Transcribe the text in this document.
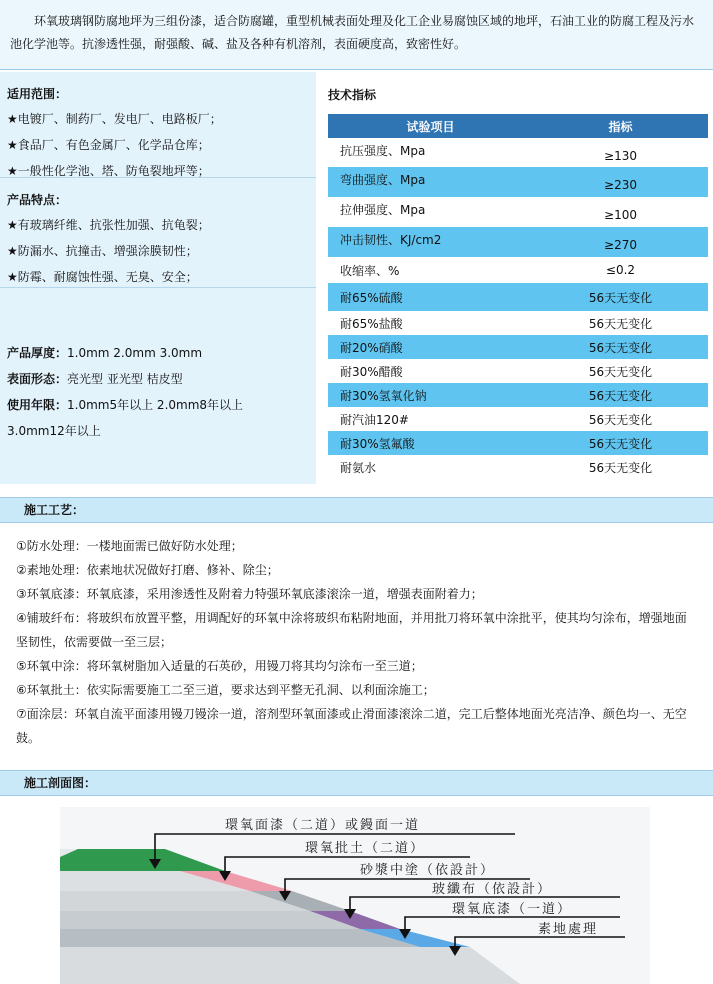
环氧玻璃钢防腐地坪为三组份漆，适合防腐罐，重型机械表面处理及化工企业易腐蚀区域的地坪，石油工业的防腐工程及污水池化学池等。抗渗透性强，耐强酸、碱、盐及各种有机溶剂，表面硬度高，致密性好。

适用范围：
★电镀厂、制药厂、发电厂、电路板厂；
★食品厂、有色金属厂、化学品仓库；
★一般性化学池、塔、防龟裂地坪等；
产品特点：
★有玻璃纤维、抗张性加强、抗龟裂；
★防漏水、抗撞击、增强涂膜韧性；
★防霉、耐腐蚀性强、无臭、安全；
产品厚度：1.0mm 2.0mm 3.0mm
表面形态：亮光型 亚光型 桔皮型
使用年限：1.0mm5年以上 2.0mm8年以上 3.0mm12年以上
技术指标
试验项目	指标
抗压强度、Mpa	≥130
弯曲强度、Mpa	≥230
拉伸强度、Mpa	≥100
冲击韧性、KJ/cm2	≥270
收缩率、%	≤0.2
耐65%硫酸	56天无变化
耐65%盐酸	56天无变化
耐20%硝酸	56天无变化
耐30%醋酸	56天无变化
耐30%氢氧化钠	56天无变化
耐汽油120#	56天无变化
耐30%氢氟酸	56天无变化
耐氨水	56天无变化
施工工艺：
①防水处理：一楼地面需已做好防水处理；
②素地处理：依素地状况做好打磨、修补、除尘；
③环氧底漆：环氧底漆，采用渗透性及附着力特强环氧底漆滚涂一道，增强表面附着力；
④铺玻纤布：将玻织布放置平整，用调配好的环氧中涂将玻织布粘附地面，并用批刀将环氧中涂批平，使其均匀涂布，增强地面坚韧性，依需要做一至三层；
⑤环氧中涂：将环氧树脂加入适量的石英砂，用镘刀将其均匀涂布一至三道；
⑥环氧批土：依实际需要施工二至三道，要求达到平整无孔洞、以利面涂施工；
⑦面涂层：环氧自流平面漆用镘刀镘涂一道，溶剂型环氧面漆或止滑面漆滚涂二道，完工后整体地面光亮洁净、颜色均一、无空鼓。
施工剖面图：
環氧面漆（二道）或鏝面一道
環氧批土（二道）
砂漿中塗（依設計）
玻纖布（依設計）
環氧底漆（一道）
素地處理
